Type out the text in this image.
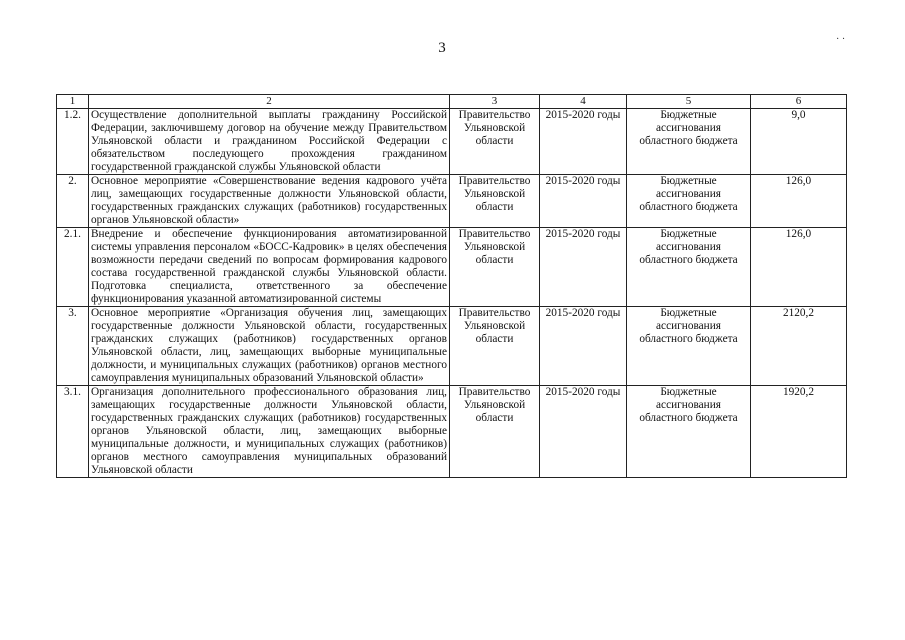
3
· ·
1	2	3	4	5	6
1.2.	Осуществление дополнительной выплаты гражданину Российской Федерации, заключившему договор на обучение между Правительством Ульяновской области и гражданином Российской Федерации с обязательством последующего прохождения гражданином государственной гражданской службы Ульяновской области	Правительство Ульяновской области	2015-2020 годы	Бюджетные ассигнования областного бюджета	9,0
2.	Основное мероприятие «Совершенствование ведения кадрового учёта лиц, замещающих государственные должности Ульяновской области, государственных гражданских служащих (работников) государственных органов Ульяновской области»	Правительство Ульяновской области	2015-2020 годы	Бюджетные ассигнования областного бюджета	126,0
2.1.	Внедрение и обеспечение функционирования автоматизированной системы управления персоналом «БОСС-Кадровик» в целях обеспечения возможности передачи сведений по вопросам формирования кадрового состава государственной гражданской службы Ульяновской области. Подготовка специалиста, ответственного за обеспечение функционирования указанной автоматизированной системы	Правительство Ульяновской области	2015-2020 годы	Бюджетные ассигнования областного бюджета	126,0
3.	Основное мероприятие «Организация обучения лиц, замещающих государственные должности Ульяновской области, государственных гражданских служащих (работников) государственных органов Ульяновской области, лиц, замещающих выборные муниципальные должности, и муниципальных служащих (работников) органов местного самоуправления муниципальных образований Ульяновской области»	Правительство Ульяновской области	2015-2020 годы	Бюджетные ассигнования областного бюджета	2120,2
3.1.	Организация дополнительного профессионального образования лиц, замещающих государственные должности Ульяновской области, государственных гражданских служащих (работников) государственных органов Ульяновской области, лиц, замещающих выборные муниципальные должности, и муниципальных служащих (работников) органов местного самоуправления муниципальных образований Ульяновской области	Правительство Ульяновской области	2015-2020 годы	Бюджетные ассигнования областного бюджета	1920,2
